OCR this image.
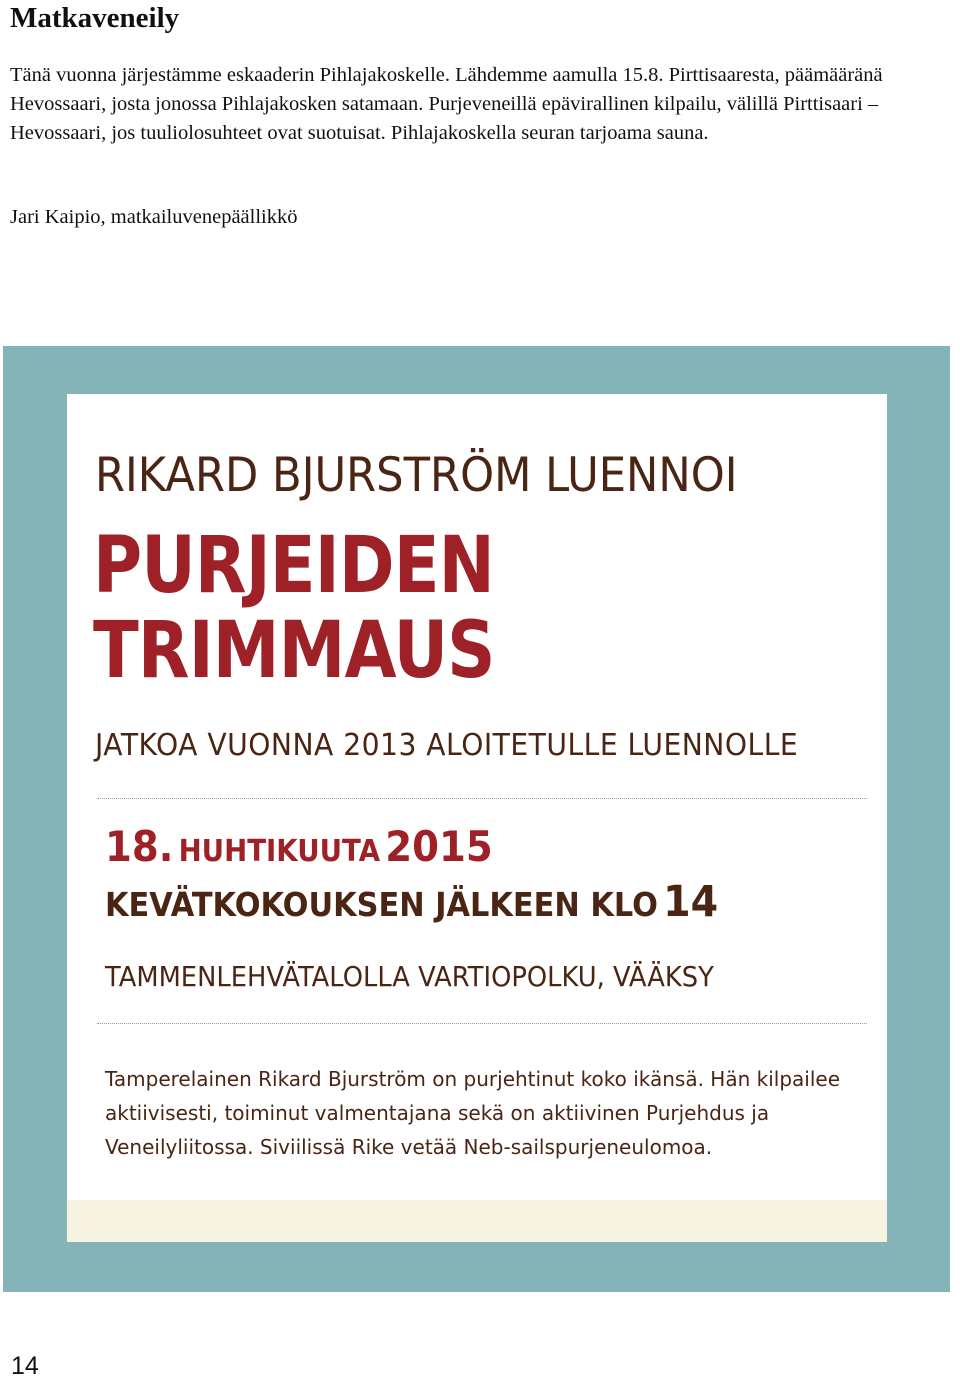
Matkaveneily

Tänä vuonna järjestämme eskaaderin Pihlajakoskelle. Lähdemme aamulla 15.8. Pirttisaaresta, päämääränä Hevossaari, josta jonossa Pihlajakosken satamaan. Purjeveneillä epävirallinen kilpailu, välillä Pirttisaari – Hevossaari, jos tuuliolosuhteet ovat suotuisat. Pihlajakoskella seuran tarjoama sauna.

Jari Kaipio, matkailuvenepäällikkö

RIKARD BJURSTRÖM LUENNOI
PURJEIDEN
TRIMMAUS
JATKOA VUONNA 2013 ALOITETULLE LUENNOLLE
18. HUHTIKUUTA 2015
KEVÄTKOKOUKSEN JÄLKEEN KLO 14
TAMMENLEHVÄTALOLLA VARTIOPOLKU, VÄÄKSY

Tamperelainen Rikard Bjurström on purjehtinut koko ikänsä. Hän kilpailee aktiivisesti, toiminut valmentajana sekä on aktiivinen Purjehdus ja Veneilyliitossa. Siviilissä Rike vetää Neb-sailspurjeneulomoa.

14
